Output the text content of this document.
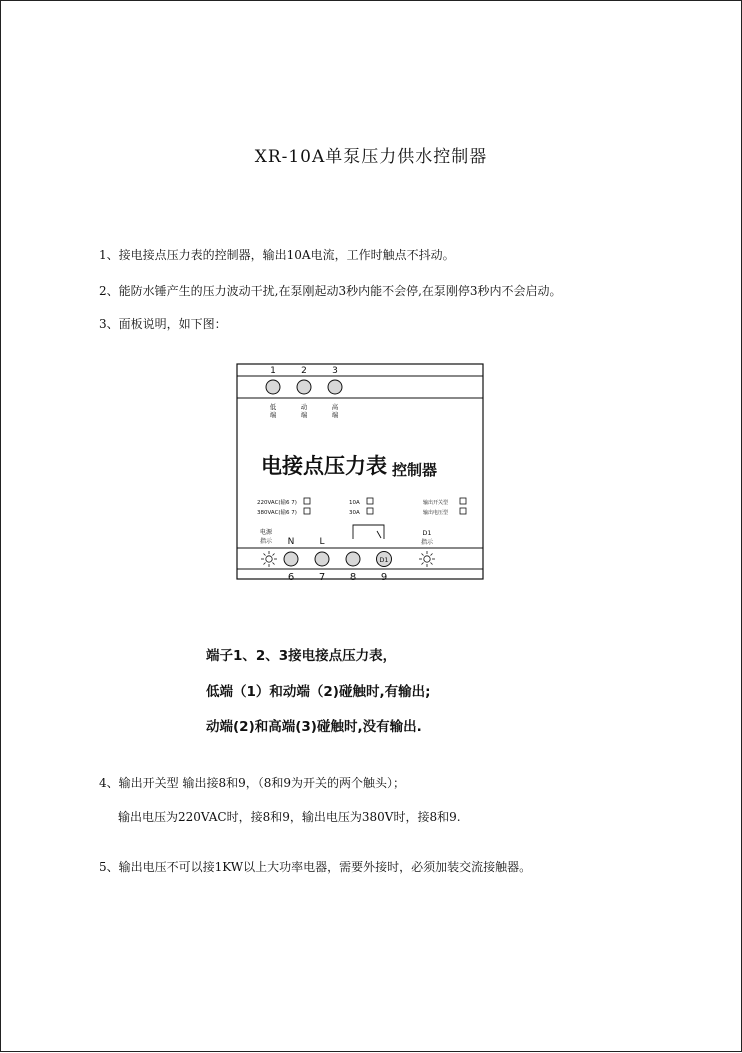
XR-10A单泵压力供水控制器
1、接电接点压力表的控制器，输出10A电流，工作时触点不抖动。
2、能防水锤产生的压力波动干扰,在泵刚起动3秒内能不会停,在泵刚停3秒内不会启动。
3、面板说明，如下图：
1	2	3
低
端
动
端
高
端
电接点压力表 控制器
220VAC(输6 7)
380VAC(输6 7)
10A
30A
输出开关型
输出电压型
电源
指示 N	L
D1
指示
D1
6 7 8 9
端子1、2、3接电接点压力表，
低端（1）和动端（2)碰触时,有输出;
动端(2)和高端(3)碰触时,没有输出.
4、输出开关型 输出接8和9，（8和9为开关的两个触头）；
输出电压为220VAC时，接8和9，输出电压为380V时，接8和9.
5、输出电压不可以接1KW以上大功率电器，需要外接时，必须加装交流接触器。
